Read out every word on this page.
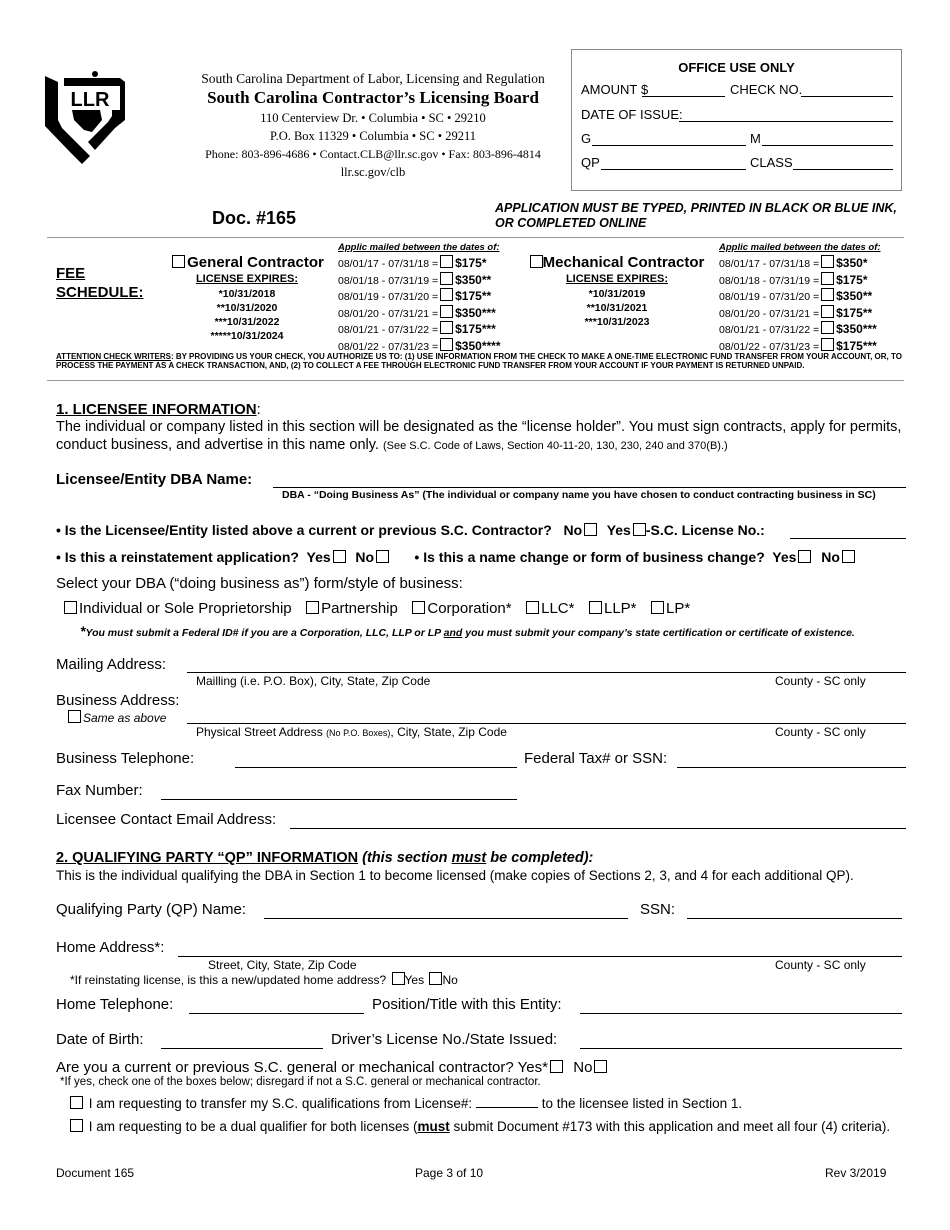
LLR
South Carolina Department of Labor, Licensing and Regulation
South Carolina Contractor’s Licensing Board
110 Centerview Dr. • Columbia • SC • 29210
P.O. Box 11329 • Columbia • SC • 29211
Phone: 803-896-4686 • Contact.CLB@llr.sc.gov • Fax: 803-896-4814
llr.sc.gov/clb
OFFICE USE ONLY
AMOUNT $	CHECK NO.
DATE OF ISSUE:
G	M
QP	CLASS
Doc. #165	APPLICATION MUST BE TYPED, PRINTED IN BLACK OR BLUE INK, OR COMPLETED ONLINE
FEE SCHEDULE:
General Contractor
LICENSE EXPIRES:
*10/31/2018
**10/31/2020
***10/31/2022
*****10/31/2024
Applic mailed between the dates of:
08/01/17 - 07/31/18 = $175*
08/01/18 - 07/31/19 = $350**
08/01/19 - 07/31/20 = $175**
08/01/20 - 07/31/21 = $350***
08/01/21 - 07/31/22 = $175***
08/01/22 - 07/31/23 = $350****
Mechanical Contractor
LICENSE EXPIRES:
*10/31/2019
**10/31/2021
***10/31/2023
Applic mailed between the dates of:
08/01/17 - 07/31/18 = $350*
08/01/18 - 07/31/19 = $175*
08/01/19 - 07/31/20 = $350**
08/01/20 - 07/31/21 = $175**
08/01/21 - 07/31/22 = $350***
08/01/22 - 07/31/23 = $175***
ATTENTION CHECK WRITERS: BY PROVIDING US YOUR CHECK, YOU AUTHORIZE US TO: (1) USE INFORMATION FROM THE CHECK TO MAKE A ONE-TIME ELECTRONIC FUND TRANSFER FROM YOUR ACCOUNT, OR, TO PROCESS THE PAYMENT AS A CHECK TRANSACTION, AND, (2) TO COLLECT A FEE THROUGH ELECTRONIC FUND TRANSFER FROM YOUR ACCOUNT IF YOUR PAYMENT IS RETURNED UNPAID.
1. LICENSEE INFORMATION:
The individual or company listed in this section will be designated as the “license holder”. You must sign contracts, apply for permits, conduct business, and advertise in this name only. (See S.C. Code of Laws, Section 40-11-20, 130, 230, 240 and 370(B).)
Licensee/Entity DBA Name:
DBA - “Doing Business As” (The individual or company name you have chosen to conduct contracting business in SC)
• Is the Licensee/Entity listed above a current or previous S.C. Contractor? No Yes -S.C. License No.:
• Is this a reinstatement application? Yes No      • Is this a name change or form of business change? Yes No
Select your DBA (“doing business as”) form/style of business:
Individual or Sole Proprietorship Partnership Corporation* LLC* LLP* LP*
*You must submit a Federal ID# if you are a Corporation, LLC, LLP or LP and you must submit your company’s state certification or certificate of existence.
Mailing Address:
Mailling (i.e. P.O. Box), City, State, Zip Code	County - SC only
Business Address:
Same as above
Physical Street Address (No P.O. Boxes), City, State, Zip Code	County - SC only
Business Telephone:	Federal Tax# or SSN:
Fax Number:
Licensee Contact Email Address:
2. QUALIFYING PARTY “QP” INFORMATION (this section must be completed):
This is the individual qualifying the DBA in Section 1 to become licensed (make copies of Sections 2, 3, and 4 for each additional QP).
Qualifying Party (QP) Name:	SSN:
Home Address*:
Street, City, State, Zip Code	County - SC only
*If reinstating license, is this a new/updated home address? Yes No
Home Telephone:	Position/Title with this Entity:
Date of Birth:	Driver’s License No./State Issued:
Are you a current or previous S.C. general or mechanical contractor? Yes* No
*If yes, check one of the boxes below; disregard if not a S.C. general or mechanical contractor.
I am requesting to transfer my S.C. qualifications from License#:	to the licensee listed in Section 1.
I am requesting to be a dual qualifier for both licenses (must submit Document #173 with this application and meet all four (4) criteria).
Document 165	Page 3 of 10	Rev 3/2019
